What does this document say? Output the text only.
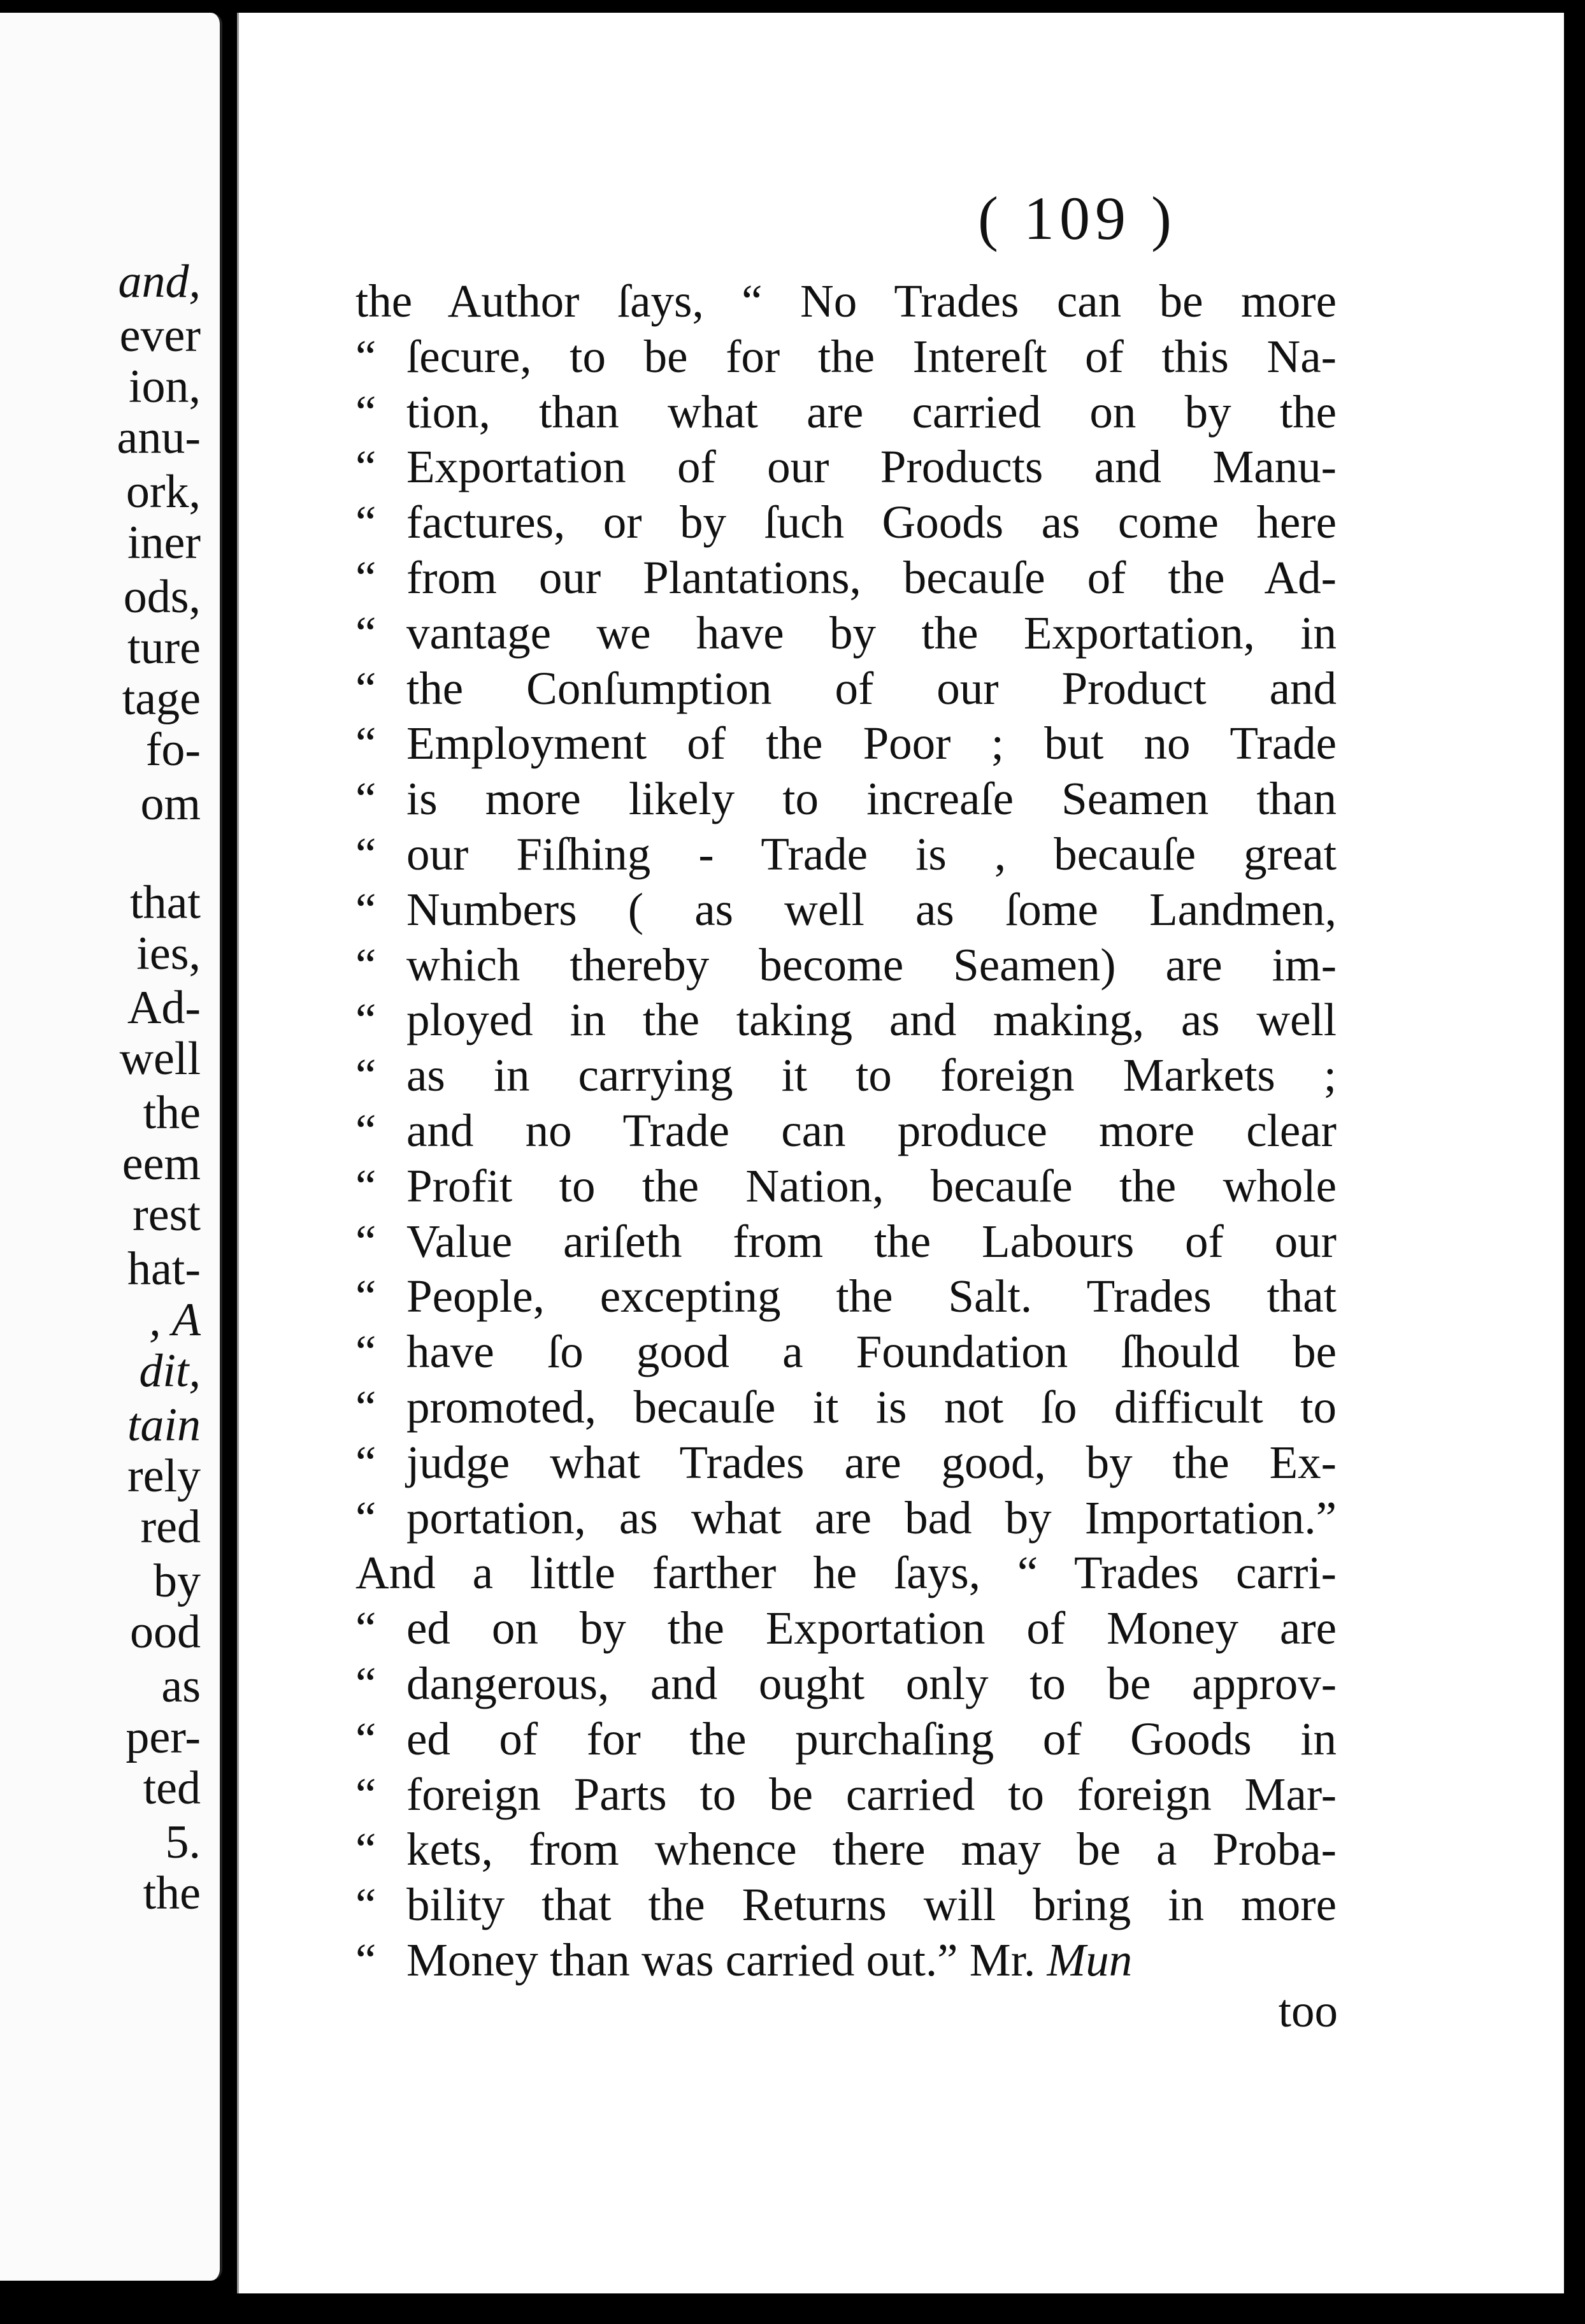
and,
ever
ion,
anu-
ork,
iner
ods,
ture
tage
fo-
om
that
ies,
Ad-
well
the
eem
rest
hat-
, A
dit,
tain
rely
red
by
ood
as
per-
ted
5.
the
( 109 )
the Author ſays, “ No Trades can be more
“ ſecure, to be for the Intereſt of this Na-
“ tion, than what are carried on by the
“ Exportation of our Products and Manu-
“ factures, or by ſuch Goods as come here
“ from our Plantations, becauſe of the Ad-
“ vantage we have by the Exportation, in
“ the Conſumption of our Product and
“ Employment of the Poor ; but no Trade
“ is more likely to increaſe Seamen than
“ our Fiſhing - Trade is , becauſe great
“ Numbers ( as well as ſome Landmen,
“ which thereby become Seamen) are im-
“ ployed in the taking and making, as well
“ as in carrying it to foreign Markets ;
“ and no Trade can produce more clear
“ Profit to the Nation, becauſe the whole
“ Value ariſeth from the Labours of our
“ People, excepting the Salt. Trades that
“ have ſo good a Foundation ſhould be
“ promoted, becauſe it is not ſo difficult to
“ judge what Trades are good, by the Ex-
“ portation, as what are bad by Importation.”
And a little farther he ſays, “ Trades carri-
“ ed on by the Exportation of Money are
“ dangerous, and ought only to be approv-
“ ed of for the purchaſing of Goods in
“ foreign Parts to be carried to foreign Mar-
“ kets, from whence there may be a Proba-
“ bility that the Returns will bring in more
“ Money than was carried out.” Mr. Mun
too
